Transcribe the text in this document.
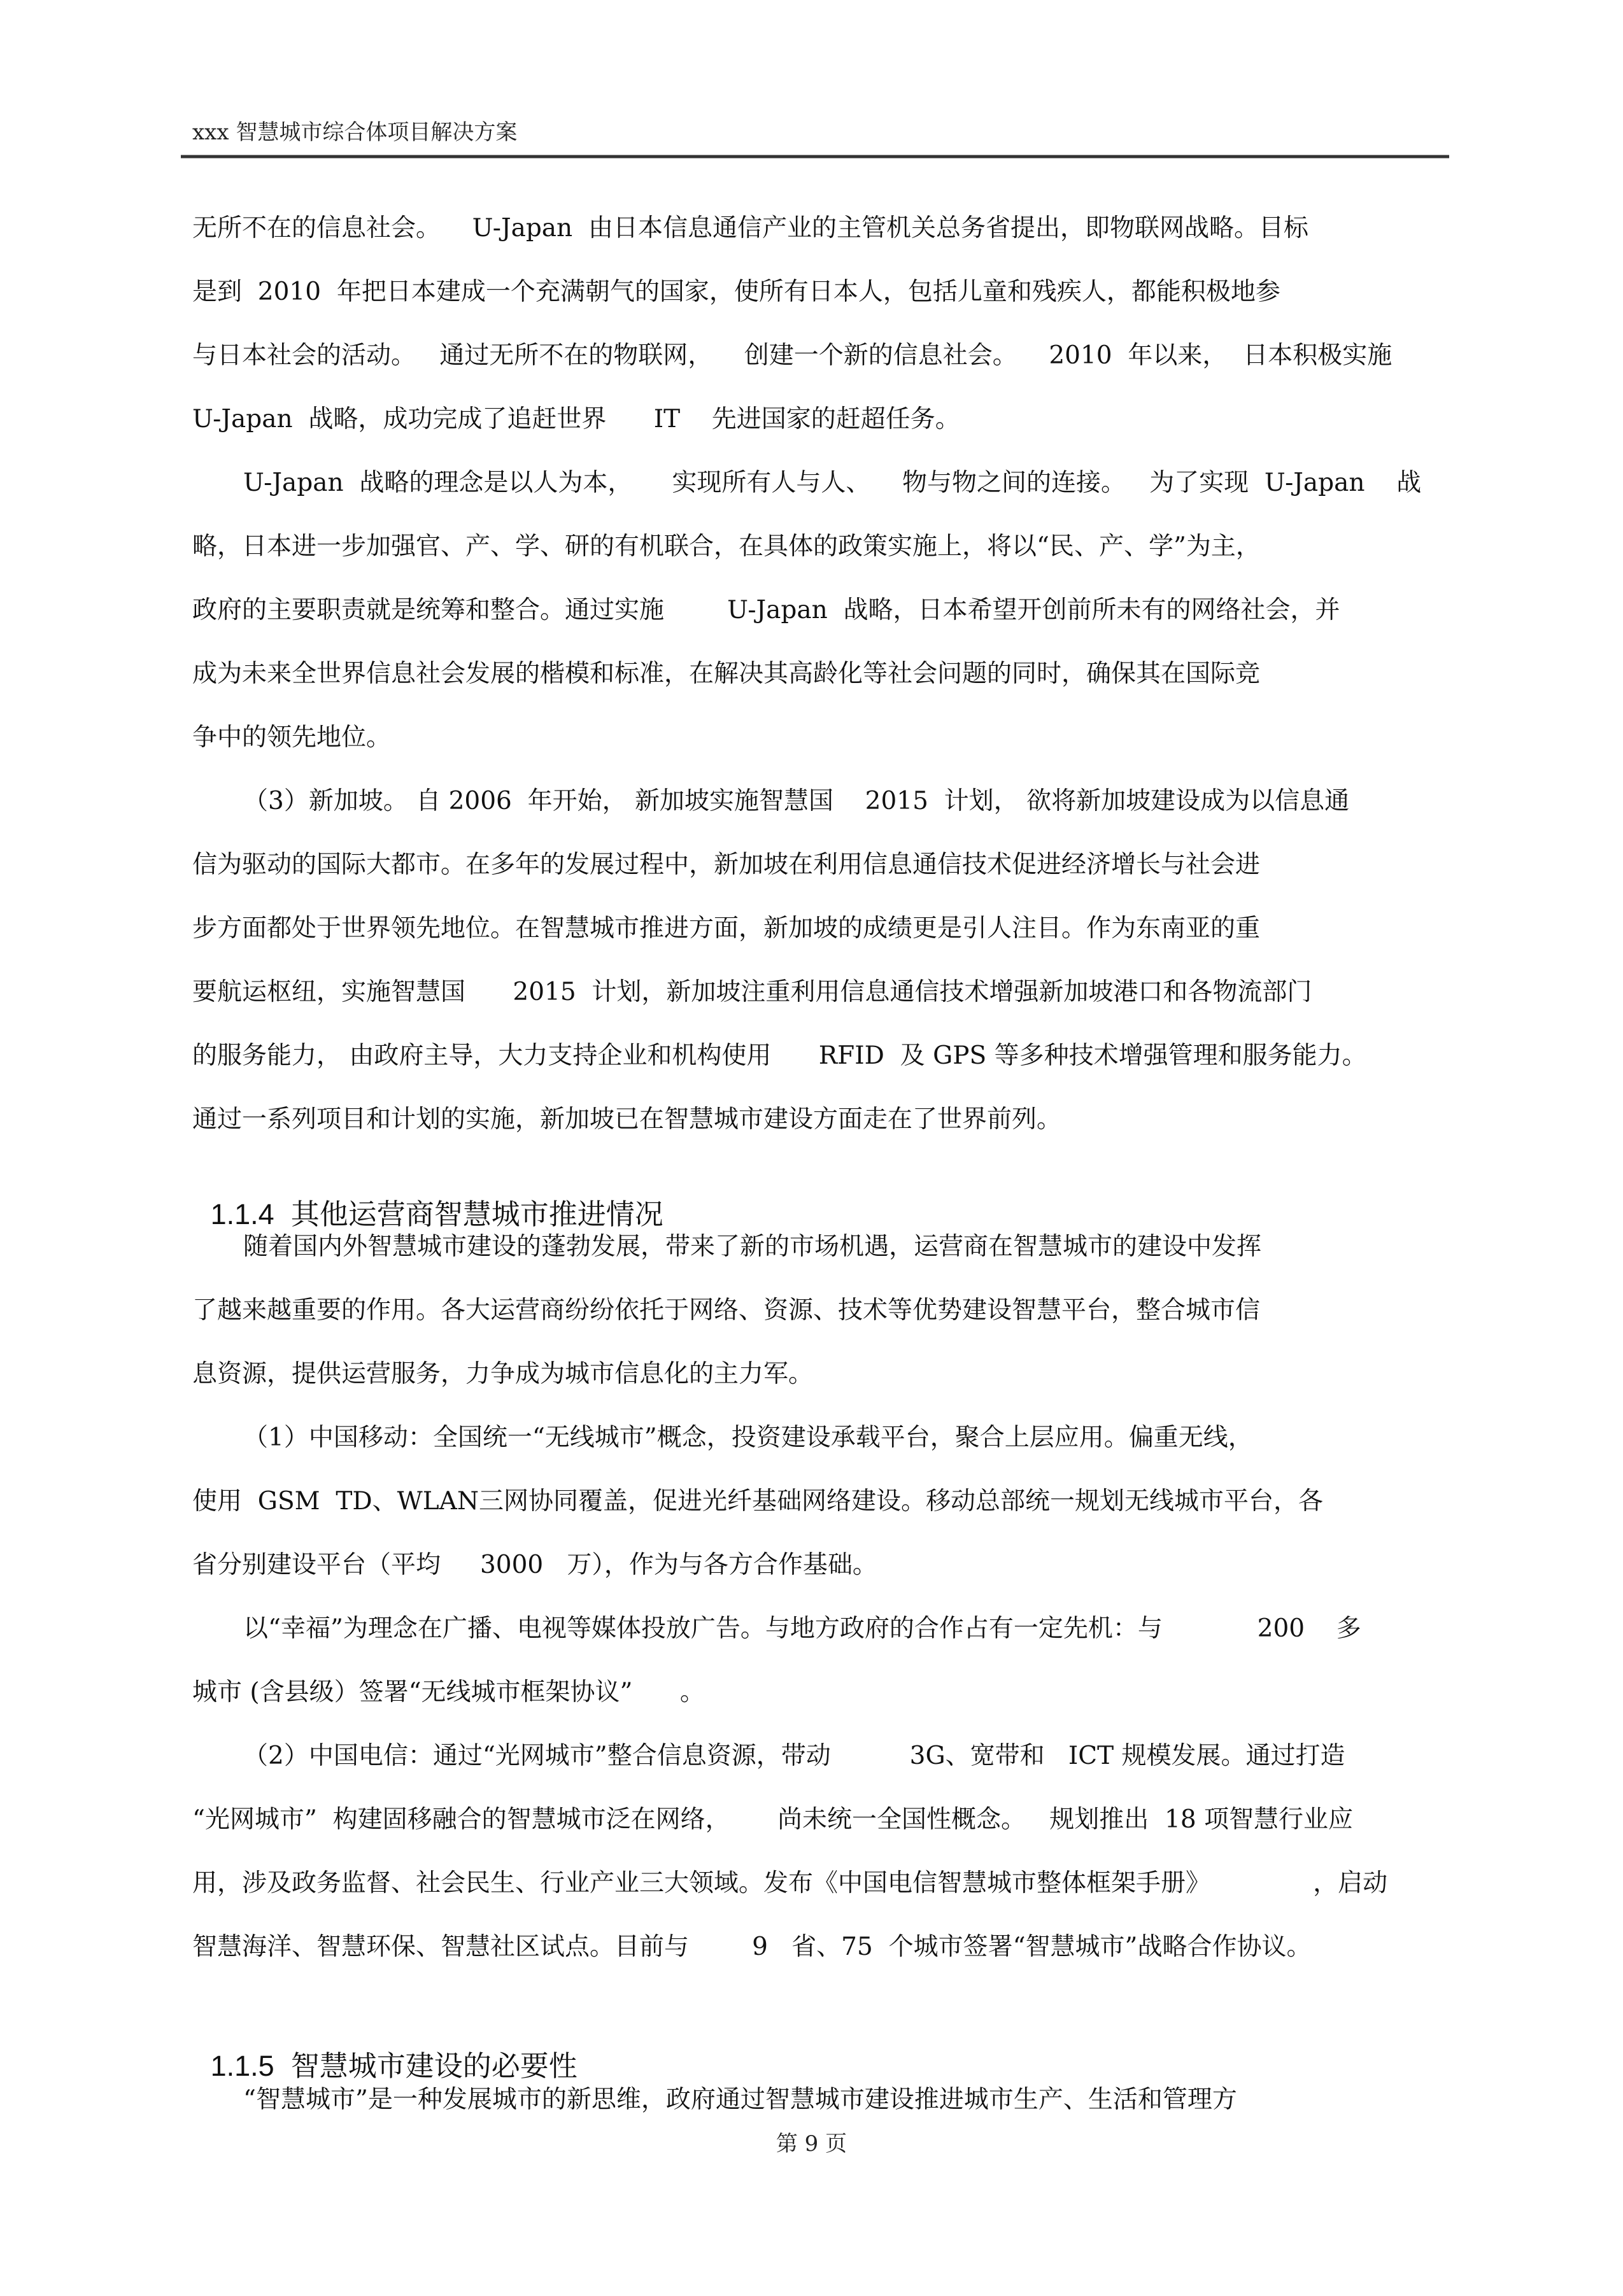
xxx 智慧城市综合体项目解决方案
无所不在的信息社会。    U-Japan  由日本信息通信产业的主管机关总务省提出，即物联网战略。目标
是到  2010  年把日本建成一个充满朝气的国家，使所有日本人，包括儿童和残疾人，都能积极地参
与日本社会的活动。   通过无所不在的物联网，    创建一个新的信息社会。    2010  年以来，  日本积极实施
U-Japan  战略，成功完成了追赶世界      IT    先进国家的赶超任务。
U-Japan  战略的理念是以人为本，     实现所有人与人、    物与物之间的连接。   为了实现  U-Japan    战
略，日本进一步加强官、产、学、研的有机联合，在具体的政策实施上，将以“民、产、学”为主，
政府的主要职责就是统筹和整合。通过实施        U-Japan  战略，日本希望开创前所未有的网络社会，并
成为未来全世界信息社会发展的楷模和标准，在解决其高龄化等社会问题的同时，确保其在国际竞
争中的领先地位。
（3）新加坡。 自 2006  年开始， 新加坡实施智慧国    2015  计划， 欲将新加坡建设成为以信息通
信为驱动的国际大都市。在多年的发展过程中，新加坡在利用信息通信技术促进经济增长与社会进
步方面都处于世界领先地位。在智慧城市推进方面，新加坡的成绩更是引人注目。作为东南亚的重
要航运枢纽，实施智慧国      2015  计划，新加坡注重利用信息通信技术增强新加坡港口和各物流部门
的服务能力， 由政府主导，大力支持企业和机构使用      RFID  及 GPS 等多种技术增强管理和服务能力。
通过一系列项目和计划的实施，新加坡已在智慧城市建设方面走在了世界前列。
随着国内外智慧城市建设的蓬勃发展，带来了新的市场机遇，运营商在智慧城市的建设中发挥
了越来越重要的作用。各大运营商纷纷依托于网络、资源、技术等优势建设智慧平台，整合城市信
息资源，提供运营服务，力争成为城市信息化的主力军。
（1）中国移动：全国统一“无线城市”概念，投资建设承载平台，聚合上层应用。偏重无线，
使用  GSM  TD、WLAN三网协同覆盖，促进光纤基础网络建设。移动总部统一规划无线城市平台，各
省分别建设平台（平均     3000   万），作为与各方合作基础。
以“幸福”为理念在广播、电视等媒体投放广告。与地方政府的合作占有一定先机：与            200    多
城市 (含县级）签署“无线城市框架协议”      。
（2）中国电信：通过“光网城市”整合信息资源，带动          3G、宽带和   ICT 规模发展。通过打造
“光网城市”  构建固移融合的智慧城市泛在网络，      尚未统一全国性概念。   规划推出  18 项智慧行业应
用，涉及政务监督、社会民生、行业产业三大领域。发布《中国电信智慧城市整体框架手册》             ，启动
智慧海洋、智慧环保、智慧社区试点。目前与        9   省、75  个城市签署“智慧城市”战略合作协议。
“智慧城市”是一种发展城市的新思维，政府通过智慧城市建设推进城市生产、生活和管理方

1.1.4 其他运营商智慧城市推进情况

1.1.5 智慧城市建设的必要性

第 9 页
